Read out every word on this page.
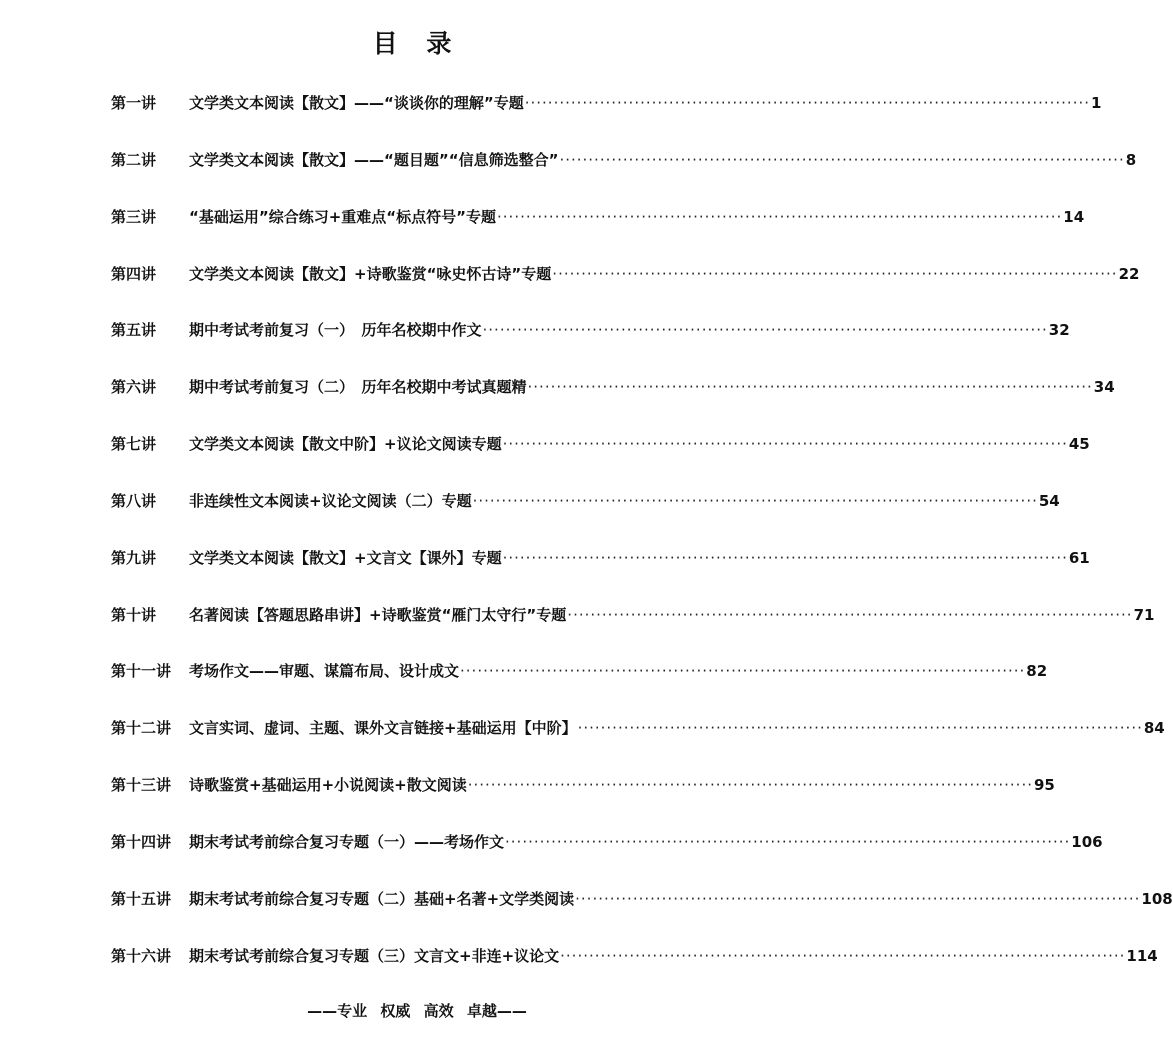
目 录
第一讲	文学类文本阅读【散文】——“谈谈你的理解”专题 ·····	1
第二讲	文学类文本阅读【散文】——“题目题”“信息筛选整合” ·····	8
第三讲	“基础运用”综合练习+重难点“标点符号”专题 ·····	14
第四讲	文学类文本阅读【散文】+诗歌鉴赏“咏史怀古诗”专题 ·····	22
第五讲	期中考试考前复习（一）　历年名校期中作文 ·····	32
第六讲	期中考试考前复习（二）　历年名校期中考试真题精 ·····	34
第七讲	文学类文本阅读【散文中阶】+议论文阅读专题 ·····	45
第八讲	非连续性文本阅读+议论文阅读（二）专题 ·····	54
第九讲	文学类文本阅读【散文】+文言文【课外】专题 ·····	61
第十讲	名著阅读【答题思路串讲】+诗歌鉴赏“雁门太守行”专题 ·····	71
第十一讲	考场作文——审题、谋篇布局、设计成文 ·····	82
第十二讲	文言实词、虚词、主题、课外文言链接+基础运用【中阶】 ·····	84
第十三讲	诗歌鉴赏+基础运用+小说阅读+散文阅读 ·····	95
第十四讲	期末考试考前综合复习专题（一）——考场作文 ·····	106
第十五讲	期末考试考前综合复习专题（二）基础+名著+文学类阅读 ·····	108
第十六讲	期末考试考前综合复习专题（三）文言文+非连+议论文 ·····	114

——专业 权威 高效 卓越——
